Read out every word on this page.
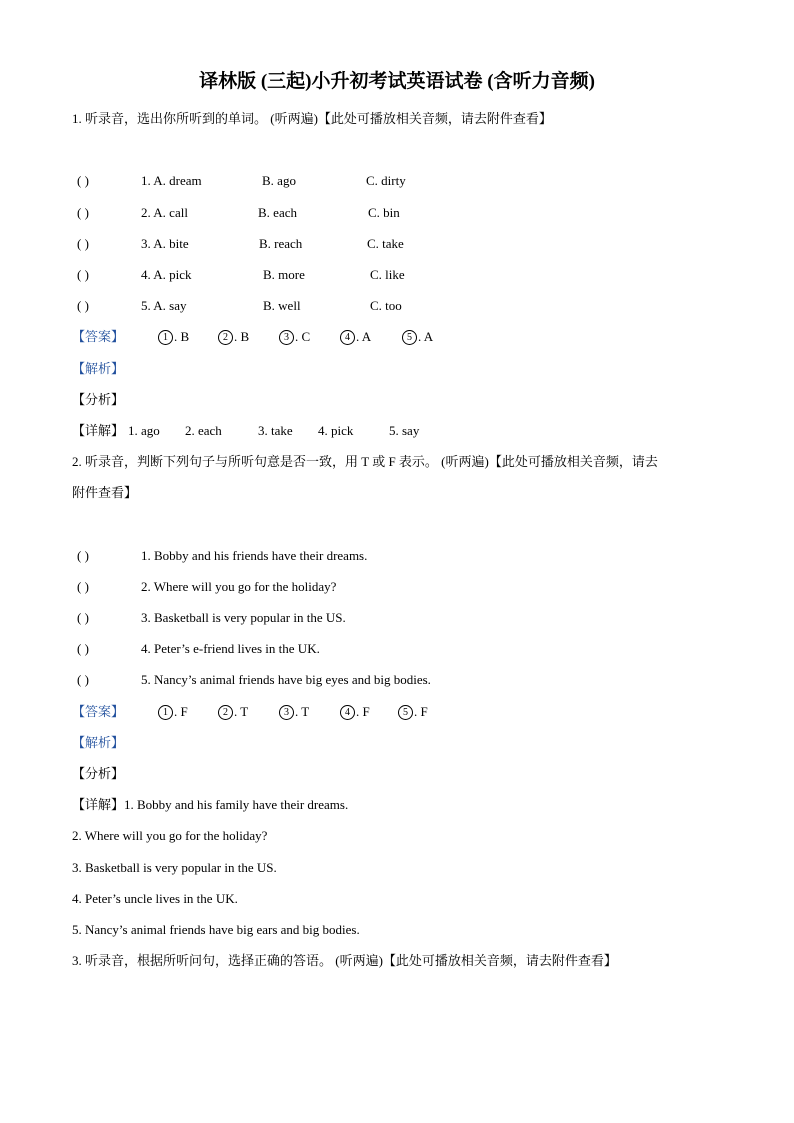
译林版 (三起)小升初考试英语试卷 (含听力音频)
1. 听录音，选出你所听到的单词。 (听两遍)【此处可播放相关音频，请去附件查看】
( )	1. A. dream	B. ago	C. dirty
( )	2. A. call	B. each	C. bin
( )	3. A. bite	B. reach	C. take
( )	4. A. pick	B. more	C. like
( )	5. A. say	B. well	C. too
【答案】	1 . B	2 . B	3 . C	4 . A	5 . A
【解析】
【分析】
【详解】 1. ago 2. each	3. take 4. pick	5. say
2. 听录音，判断下列句子与所听句意是否一致，用 T 或 F 表示。 (听两遍)【此处可播放相关音频，请去
附件查看】
( )	1. Bobby and his friends have their dreams.
( )	2. Where will you go for the holiday?
( )	3. Basketball is very popular in the US.
( )	4. Peter’s e-friend lives in the UK.
( )	5. Nancy’s animal friends have big eyes and big bodies.
【答案】	1 . F	2 . T	3 . T	4 . F	5 . F
【解析】
【分析】
【详解】1. Bobby and his family have their dreams.
2. Where will you go for the holiday?
3. Basketball is very popular in the US.
4. Peter’s uncle lives in the UK.
5. Nancy’s animal friends have big ears and big bodies.
3. 听录音，根据所听问句，选择正确的答语。 (听两遍)【此处可播放相关音频，请去附件查看】
